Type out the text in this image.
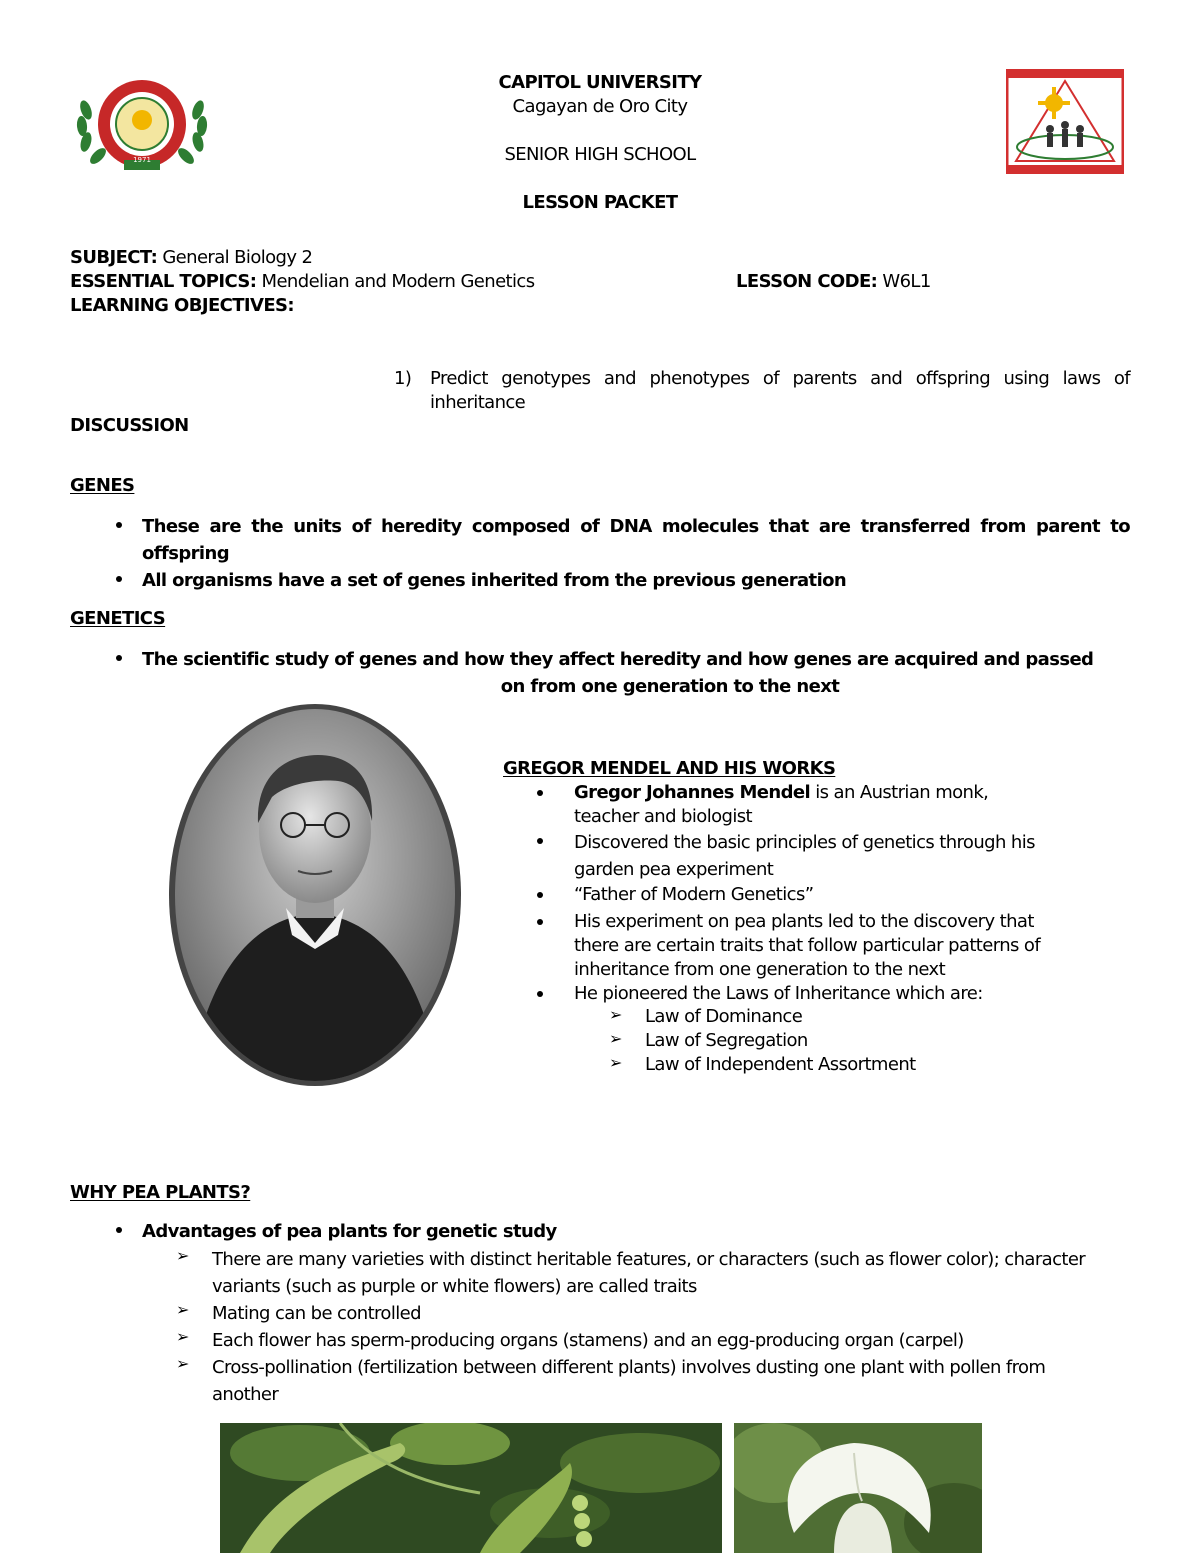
1971
CAPITOL UNIVERSITY
Cagayan de Oro City
SENIOR HIGH SCHOOL
LESSON PACKET
SUBJECT: General Biology 2
ESSENTIAL TOPICS: Mendelian and Modern Genetics	LESSON CODE: W6L1
LEARNING OBJECTIVES:
1)	Predict genotypes and phenotypes of parents and offspring using laws of inheritance
DISCUSSION
GENES
These are the units of heredity composed of DNA molecules that are transferred from parent to offspring
All organisms have a set of genes inherited from the previous generation
GENETICS
The scientific study of genes and how they affect heredity and how genes are acquired and passed
on from one generation to the next
GREGOR MENDEL AND HIS WORKS
Gregor Johannes Mendel is an Austrian monk, teacher and biologist
Discovered the basic principles of genetics through his garden pea experiment
“Father of Modern Genetics”
His experiment on pea plants led to the discovery that there are certain traits that follow particular patterns of inheritance from one generation to the next
He pioneered the Laws of Inheritance which are:
➢	Law of Dominance
➢	Law of Segregation
➢	Law of Independent Assortment
WHY PEA PLANTS?
Advantages of pea plants for genetic study
➢	There are many varieties with distinct heritable features, or characters (such as flower color); character variants (such as purple or white flowers) are called traits
➢	Mating can be controlled
➢	Each flower has sperm-producing organs (stamens) and an egg-producing organ (carpel)
➢	Cross-pollination (fertilization between different plants) involves dusting one plant with pollen from another
